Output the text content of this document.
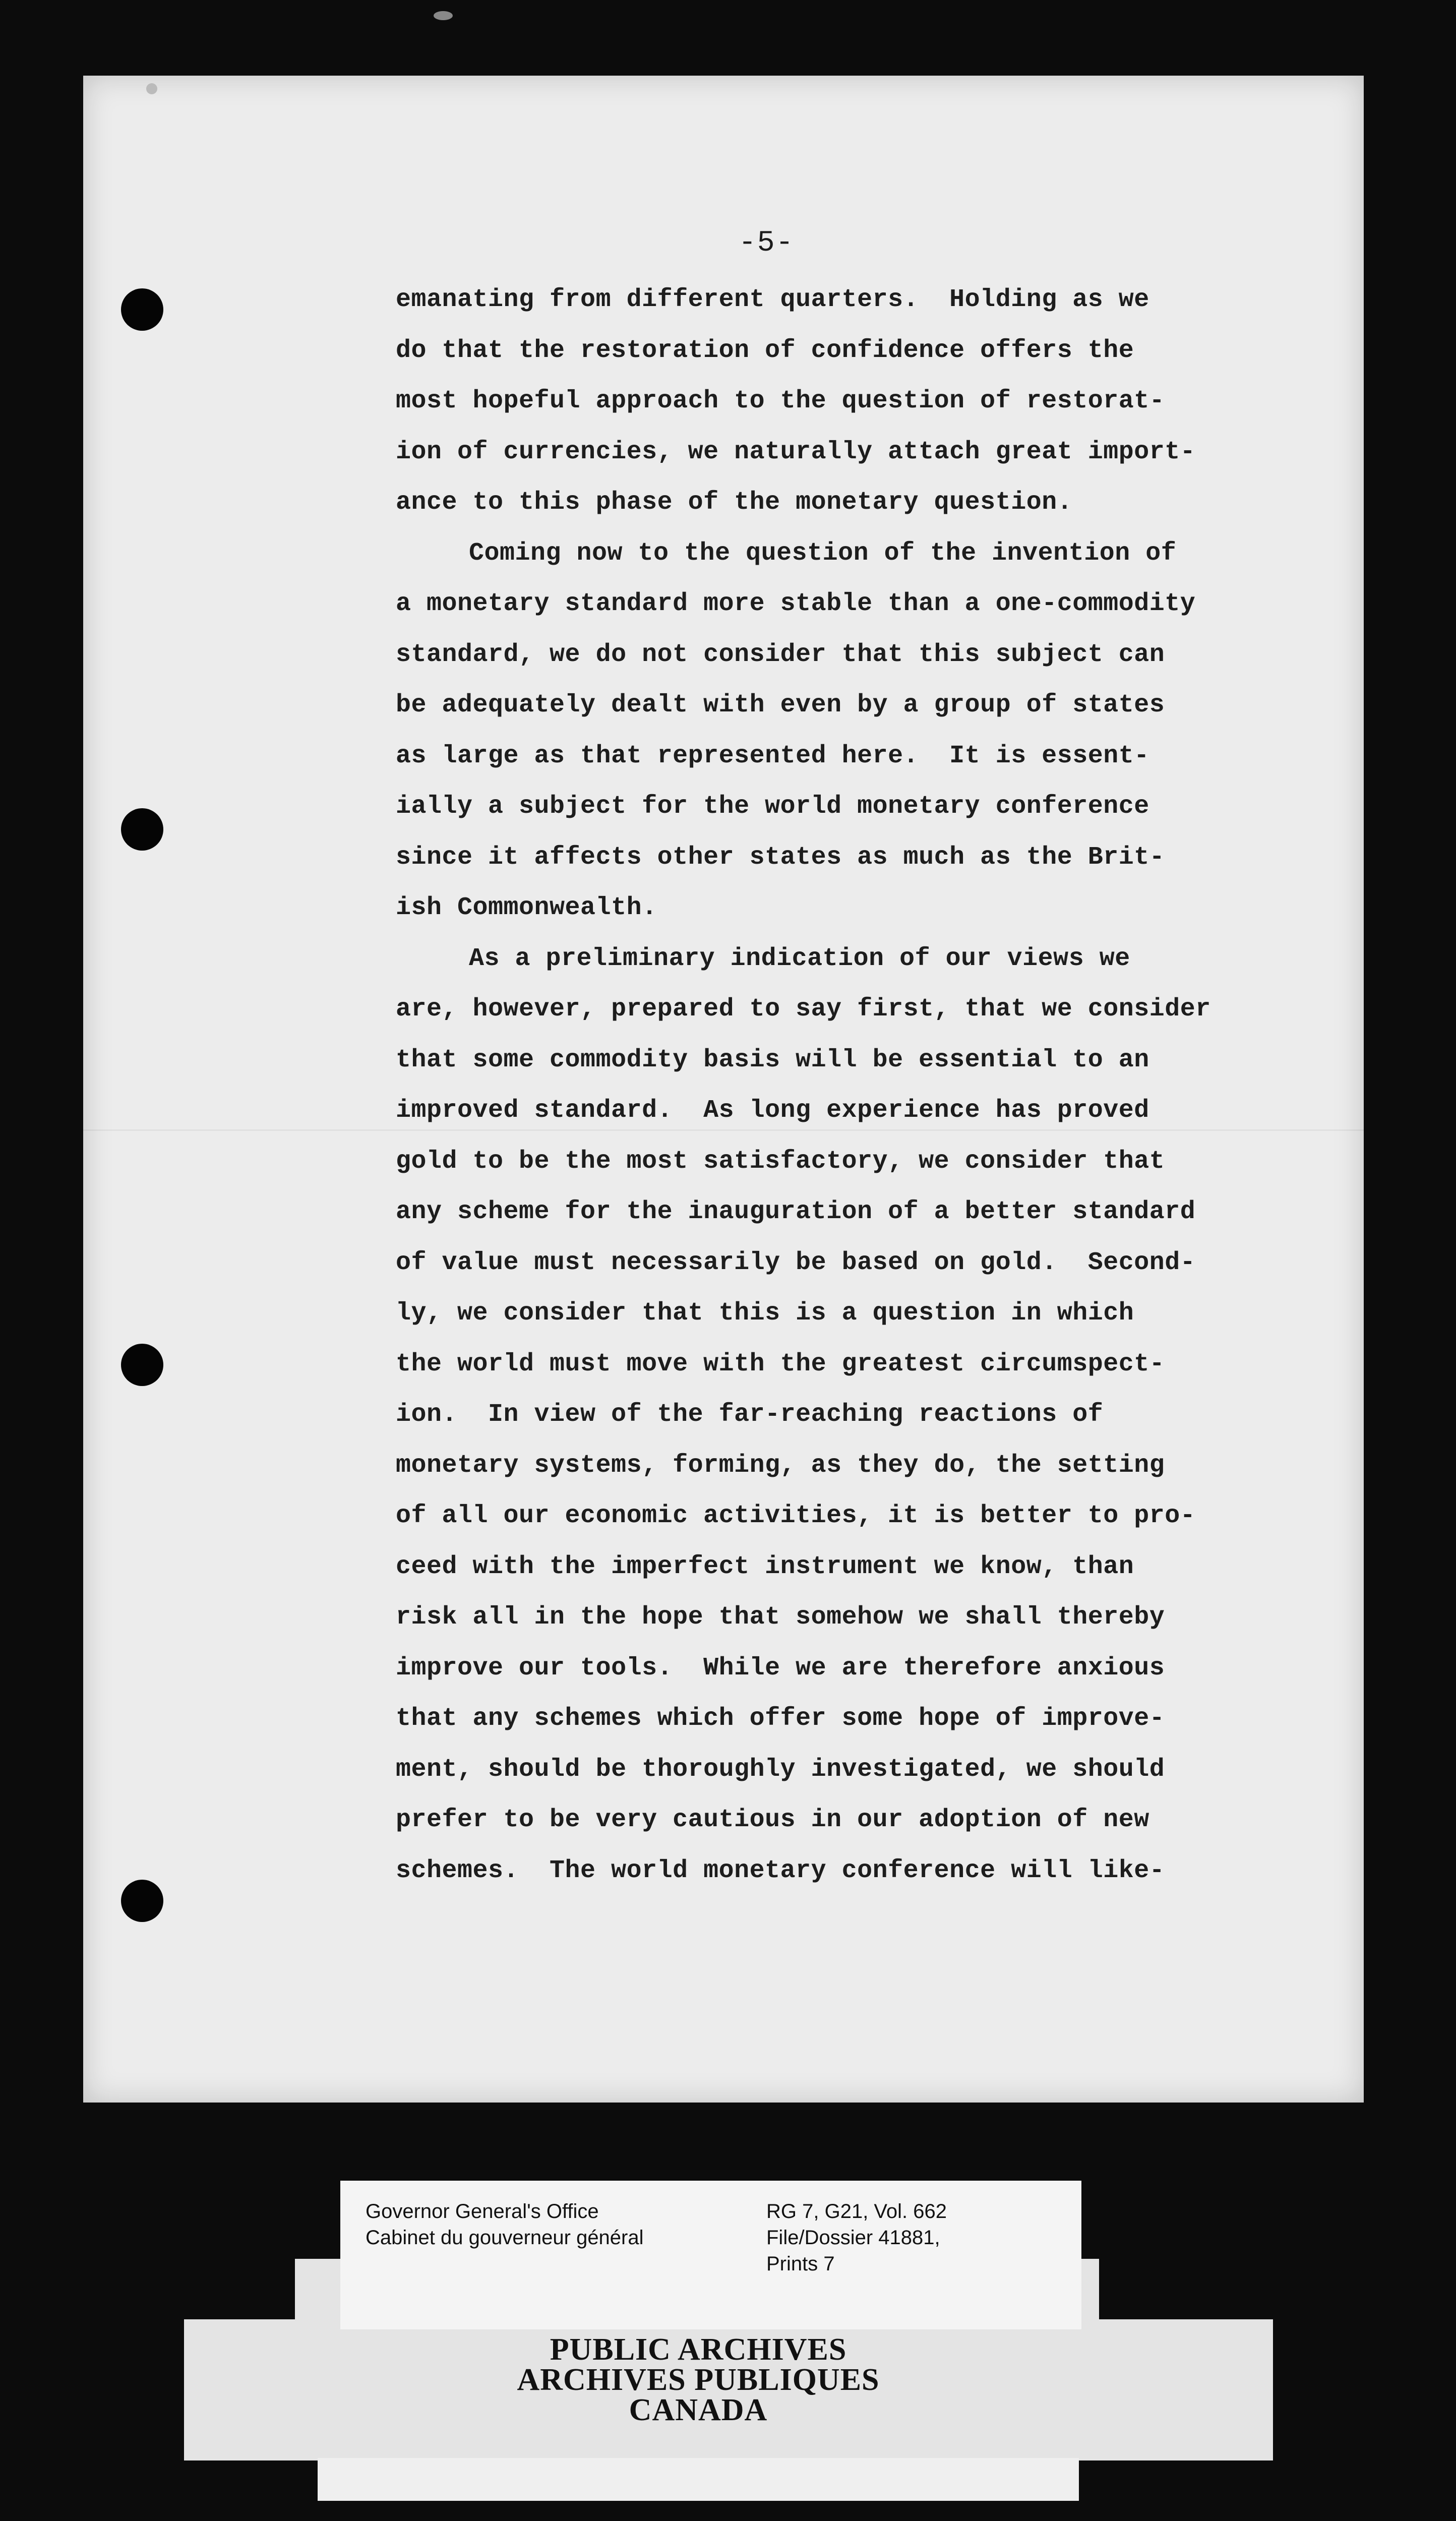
-5-
emanating from different quarters.  Holding as we
do that the restoration of confidence offers the
most hopeful approach to the question of restorat-
ion of currencies, we naturally attach great import-
ance to this phase of the monetary question.
Coming now to the question of the invention of
a monetary standard more stable than a one-commodity
standard, we do not consider that this subject can
be adequately dealt with even by a group of states
as large as that represented here.  It is essent-
ially a subject for the world monetary conference
since it affects other states as much as the Brit-
ish Commonwealth.
As a preliminary indication of our views we
are, however, prepared to say first, that we consider
that some commodity basis will be essential to an
improved standard.  As long experience has proved
gold to be the most satisfactory, we consider that
any scheme for the inauguration of a better standard
of value must necessarily be based on gold.  Second-
ly, we consider that this is a question in which
the world must move with the greatest circumspect-
ion.  In view of the far-reaching reactions of
monetary systems, forming, as they do, the setting
of all our economic activities, it is better to pro-
ceed with the imperfect instrument we know, than
risk all in the hope that somehow we shall thereby
improve our tools.  While we are therefore anxious
that any schemes which offer some hope of improve-
ment, should be thoroughly investigated, we should
prefer to be very cautious in our adoption of new
schemes.  The world monetary conference will like-
Governor General's Office
Cabinet du gouverneur général
RG 7, G21, Vol. 662
File/Dossier 41881,
Prints 7
PUBLIC ARCHIVES
ARCHIVES PUBLIQUES
CANADA
